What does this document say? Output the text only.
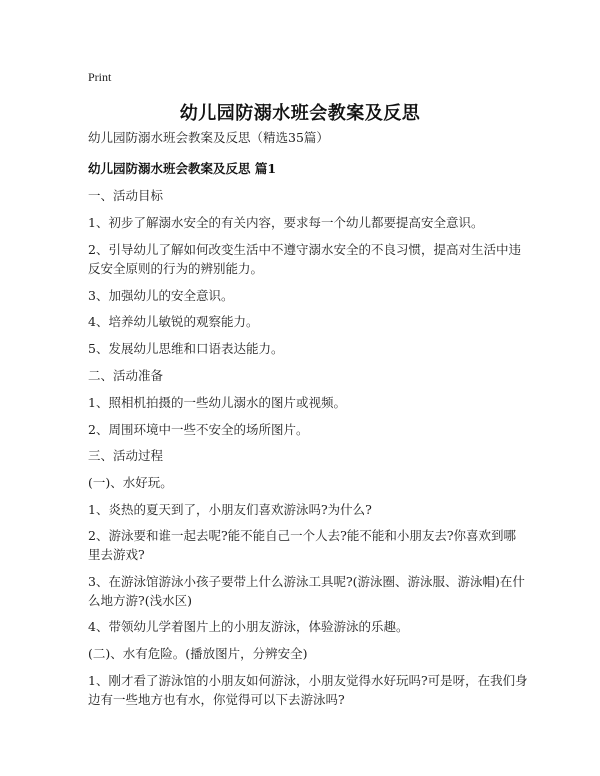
Print
幼儿园防溺水班会教案及反思

幼儿园防溺水班会教案及反思（精选35篇）

幼儿园防溺水班会教案及反思 篇1

一、活动目标

1、初步了解溺水安全的有关内容，要求每一个幼儿都要提高安全意识。

2、引导幼儿了解如何改变生活中不遵守溺水安全的不良习惯，提高对生活中违反安全原则的行为的辨别能力。

3、加强幼儿的安全意识。

4、培养幼儿敏锐的观察能力。

5、发展幼儿思维和口语表达能力。

二、活动准备

1、照相机拍摄的一些幼儿溺水的图片或视频。

2、周围环境中一些不安全的场所图片。

三、活动过程

(一)、水好玩。

1、炎热的夏天到了，小朋友们喜欢游泳吗?为什么?

2、游泳要和谁一起去呢?能不能自己一个人去?能不能和小朋友去?你喜欢到哪里去游戏?

3、在游泳馆游泳小孩子要带上什么游泳工具呢?(游泳圈、游泳服、游泳帽)在什么地方游?(浅水区)

4、带领幼儿学着图片上的小朋友游泳，体验游泳的乐趣。

(二)、水有危险。(播放图片，分辨安全)

1、刚才看了游泳馆的小朋友如何游泳，小朋友觉得水好玩吗?可是呀，在我们身边有一些地方也有水，你觉得可以下去游泳吗?
